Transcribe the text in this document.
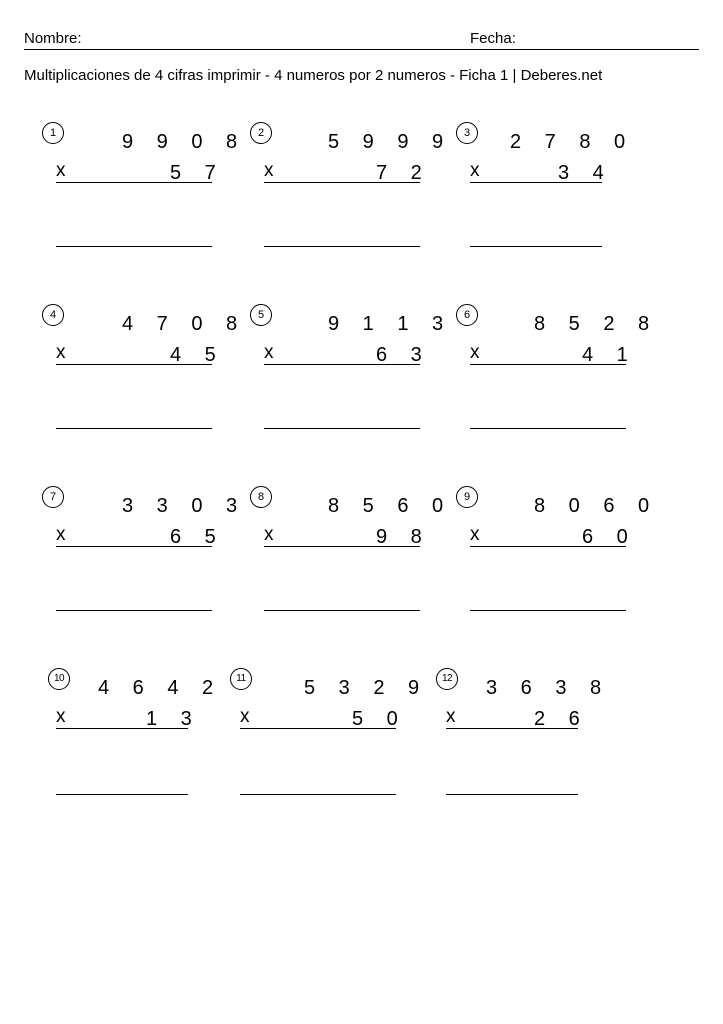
Nombre:	Fecha:
Multiplicaciones de 4 cifras imprimir - 4 numeros por 2 numeros - Ficha 1 | Deberes.net
1	9 9 0 8
x	5 7
2	5 9 9 9
x	7 2
3	2 7 8 0
x	3 4
4	4 7 0 8
x	4 5
5	9 1 1 3
x	6 3
6	8 5 2 8
x	4 1
7	3 3 0 3
x	6 5
8	8 5 6 0
x	9 8
9	8 0 6 0
x	6 0
10 4 6 4 2
x	1 3
11	5 3 2 9
x	5 0
12 3 6 3 8
x	2 6
